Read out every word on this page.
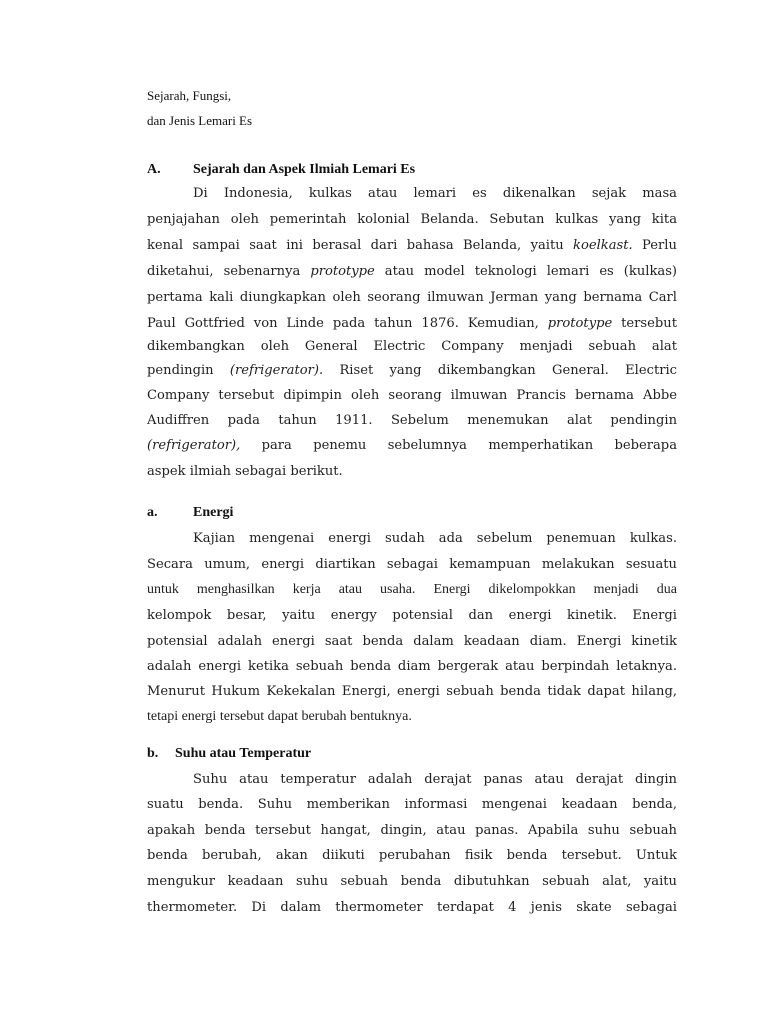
Sejarah, Fungsi,
dan Jenis Lemari Es
A. Sejarah dan Aspek Ilmiah Lemari Es
Di Indonesia, kulkas atau lemari es dikenalkan sejak masa
penjajahan oleh pemerintah kolonial Belanda. Sebutan kulkas yang kita
kenal sampai saat ini berasal dari bahasa Belanda, yaitu koelkast. Perlu
diketahui, sebenarnya prototype atau model teknologi lemari es (kulkas)
pertama kali diungkapkan oleh seorang ilmuwan Jerman yang bernama Carl
Paul Gottfried von Linde pada tahun 1876. Kemudian, prototype tersebut
dikembangkan oleh General Electric Company menjadi sebuah alat
pendingin (refrigerator). Riset yang dikembangkan General. Electric
Company tersebut dipimpin oleh seorang ilmuwan Prancis bernama Abbe
Audiffren pada tahun 1911. Sebelum menemukan alat pendingin
(refrigerator), para penemu sebelumnya memperhatikan beberapa
aspek ilmiah sebagai berikut.
a.	Energi
Kajian mengenai energi sudah ada sebelum penemuan kulkas.
Secara umum, energi diartikan sebagai kemampuan melakukan sesuatu
untuk menghasilkan kerja atau usaha. Energi dikelompokkan menjadi dua
kelompok besar, yaitu energy potensial dan energi kinetik. Energi
potensial adalah energi saat benda dalam keadaan diam. Energi kinetik
adalah energi ketika sebuah benda diam bergerak atau berpindah letaknya.
Menurut Hukum Kekekalan Energi, energi sebuah benda tidak dapat hilang,
tetapi energi tersebut dapat berubah bentuknya.
b. Suhu atau Temperatur
Suhu atau temperatur adalah derajat panas atau derajat dingin
suatu benda. Suhu memberikan informasi mengenai keadaan benda,
apakah benda tersebut hangat, dingin, atau panas. Apabila suhu sebuah
benda berubah, akan diikuti perubahan fisik benda tersebut. Untuk
mengukur keadaan suhu sebuah benda dibutuhkan sebuah alat, yaitu
thermometer. Di dalam thermometer terdapat 4 jenis skate sebagai
